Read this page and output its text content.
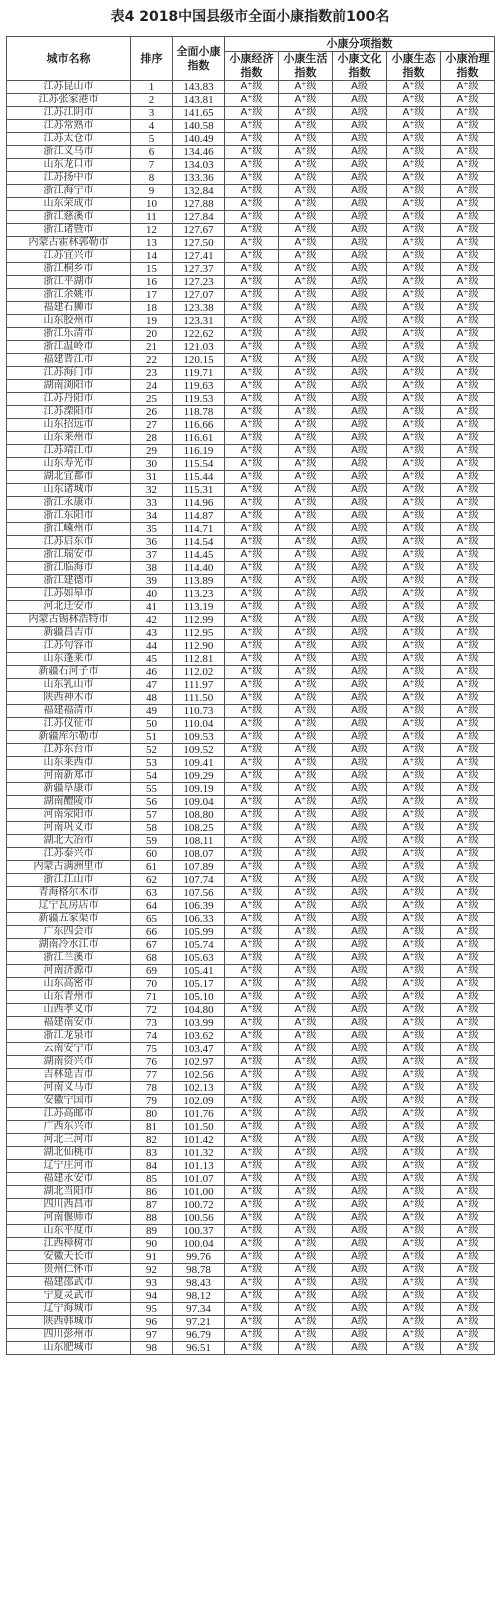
表4 2018中国县级市全面小康指数前100名
城市名称	排序	全面小康指数	小康分项指数				
			小康经济指数	小康生活指数	小康文化指数	小康生态指数	小康治理指数
江苏昆山市	1	143.83	A⁺级	A⁺级	A级	A⁺级	A⁺级
江苏张家港市	2	143.81	A⁺级	A⁺级	A级	A⁺级	A⁺级
江苏江阴市	3	141.65	A⁺级	A⁺级	A级	A⁺级	A⁺级
江苏常熟市	4	140.58	A⁺级	A⁺级	A级	A⁺级	A⁺级
江苏太仓市	5	140.49	A⁺级	A⁺级	A级	A⁺级	A⁺级
浙江义乌市	6	134.46	A⁺级	A⁺级	A级	A⁺级	A⁺级
山东龙口市	7	134.03	A⁺级	A⁺级	A级	A⁺级	A⁺级
江苏扬中市	8	133.36	A⁺级	A⁺级	A级	A⁺级	A⁺级
浙江海宁市	9	132.84	A⁺级	A⁺级	A级	A⁺级	A⁺级
山东荣成市	10	127.88	A⁺级	A⁺级	A级	A⁺级	A⁺级
浙江慈溪市	11	127.84	A⁺级	A⁺级	A级	A⁺级	A⁺级
浙江诸暨市	12	127.67	A⁺级	A⁺级	A级	A⁺级	A⁺级
内蒙古霍林郭勒市	13	127.50	A⁺级	A⁺级	A级	A⁺级	A⁺级
江苏宜兴市	14	127.41	A⁺级	A⁺级	A级	A⁺级	A⁺级
浙江桐乡市	15	127.37	A⁺级	A⁺级	A级	A⁺级	A⁺级
浙江平湖市	16	127.23	A⁺级	A⁺级	A级	A⁺级	A⁺级
浙江余姚市	17	127.07	A⁺级	A⁺级	A级	A⁺级	A⁺级
福建石狮市	18	123.38	A⁺级	A⁺级	A级	A⁺级	A⁺级
山东胶州市	19	123.31	A⁺级	A⁺级	A级	A⁺级	A⁺级
浙江乐清市	20	122.62	A⁺级	A⁺级	A级	A⁺级	A⁺级
浙江温岭市	21	121.03	A⁺级	A⁺级	A级	A⁺级	A⁺级
福建晋江市	22	120.15	A⁺级	A⁺级	A级	A⁺级	A⁺级
江苏海门市	23	119.71	A⁺级	A⁺级	A级	A⁺级	A⁺级
湖南浏阳市	24	119.63	A⁺级	A⁺级	A级	A⁺级	A⁺级
江苏丹阳市	25	119.53	A⁺级	A⁺级	A级	A⁺级	A⁺级
江苏溧阳市	26	118.78	A⁺级	A⁺级	A级	A⁺级	A⁺级
山东招远市	27	116.66	A⁺级	A⁺级	A级	A⁺级	A⁺级
山东莱州市	28	116.61	A⁺级	A⁺级	A级	A⁺级	A⁺级
江苏靖江市	29	116.19	A⁺级	A⁺级	A级	A⁺级	A⁺级
山东寿光市	30	115.54	A⁺级	A⁺级	A级	A⁺级	A⁺级
湖北宜都市	31	115.44	A⁺级	A⁺级	A级	A⁺级	A⁺级
山东诸城市	32	115.31	A⁺级	A⁺级	A级	A⁺级	A⁺级
浙江永康市	33	114.96	A⁺级	A⁺级	A级	A⁺级	A⁺级
浙江东阳市	34	114.87	A⁺级	A⁺级	A级	A⁺级	A⁺级
浙江嵊州市	35	114.71	A⁺级	A⁺级	A级	A⁺级	A⁺级
江苏启东市	36	114.54	A⁺级	A⁺级	A级	A⁺级	A⁺级
浙江瑞安市	37	114.45	A⁺级	A⁺级	A级	A⁺级	A⁺级
浙江临海市	38	114.40	A⁺级	A⁺级	A级	A⁺级	A⁺级
浙江建德市	39	113.89	A⁺级	A⁺级	A级	A⁺级	A⁺级
江苏如皋市	40	113.23	A⁺级	A⁺级	A级	A⁺级	A⁺级
河北迁安市	41	113.19	A⁺级	A⁺级	A级	A⁺级	A⁺级
内蒙古锡林浩特市	42	112.99	A⁺级	A⁺级	A级	A⁺级	A⁺级
新疆昌吉市	43	112.95	A⁺级	A⁺级	A级	A⁺级	A⁺级
江苏句容市	44	112.90	A⁺级	A⁺级	A级	A⁺级	A⁺级
山东蓬莱市	45	112.81	A⁺级	A⁺级	A级	A⁺级	A⁺级
新疆石河子市	46	112.02	A⁺级	A⁺级	A级	A⁺级	A⁺级
山东乳山市	47	111.97	A⁺级	A⁺级	A级	A⁺级	A⁺级
陕西神木市	48	111.50	A⁺级	A⁺级	A级	A⁺级	A⁺级
福建福清市	49	110.73	A⁺级	A⁺级	A级	A⁺级	A⁺级
江苏仪征市	50	110.04	A⁺级	A⁺级	A级	A⁺级	A⁺级
新疆库尔勒市	51	109.53	A⁺级	A⁺级	A级	A⁺级	A⁺级
江苏东台市	52	109.52	A⁺级	A⁺级	A级	A⁺级	A⁺级
山东莱西市	53	109.41	A⁺级	A⁺级	A级	A⁺级	A⁺级
河南新郑市	54	109.29	A⁺级	A⁺级	A级	A⁺级	A⁺级
新疆阜康市	55	109.19	A⁺级	A⁺级	A级	A⁺级	A⁺级
湖南醴陵市	56	109.04	A⁺级	A⁺级	A级	A⁺级	A⁺级
河南荥阳市	57	108.80	A⁺级	A⁺级	A级	A⁺级	A⁺级
河南巩义市	58	108.25	A⁺级	A⁺级	A级	A⁺级	A⁺级
湖北大冶市	59	108.11	A⁺级	A⁺级	A级	A⁺级	A⁺级
江苏泰兴市	60	108.07	A⁺级	A⁺级	A级	A⁺级	A⁺级
内蒙古满洲里市	61	107.89	A⁺级	A⁺级	A级	A⁺级	A⁺级
浙江江山市	62	107.74	A⁺级	A⁺级	A级	A⁺级	A⁺级
青海格尔木市	63	107.56	A⁺级	A⁺级	A级	A⁺级	A⁺级
辽宁瓦房店市	64	106.39	A⁺级	A⁺级	A级	A⁺级	A⁺级
新疆五家渠市	65	106.33	A⁺级	A⁺级	A级	A⁺级	A⁺级
广东四会市	66	105.99	A⁺级	A⁺级	A级	A⁺级	A⁺级
湖南冷水江市	67	105.74	A⁺级	A⁺级	A级	A⁺级	A⁺级
浙江兰溪市	68	105.63	A⁺级	A⁺级	A级	A⁺级	A⁺级
河南济源市	69	105.41	A⁺级	A⁺级	A级	A⁺级	A⁺级
山东高密市	70	105.17	A⁺级	A⁺级	A级	A⁺级	A⁺级
山东青州市	71	105.10	A⁺级	A⁺级	A级	A⁺级	A⁺级
山西孝义市	72	104.80	A⁺级	A⁺级	A级	A⁺级	A⁺级
福建南安市	73	103.99	A⁺级	A⁺级	A级	A⁺级	A⁺级
浙江龙泉市	74	103.62	A⁺级	A⁺级	A级	A⁺级	A⁺级
云南安宁市	75	103.47	A⁺级	A⁺级	A级	A⁺级	A⁺级
湖南资兴市	76	102.97	A⁺级	A⁺级	A级	A⁺级	A⁺级
吉林延吉市	77	102.56	A⁺级	A⁺级	A级	A⁺级	A⁺级
河南义马市	78	102.13	A⁺级	A⁺级	A级	A⁺级	A⁺级
安徽宁国市	79	102.09	A⁺级	A⁺级	A级	A⁺级	A⁺级
江苏高邮市	80	101.76	A⁺级	A⁺级	A级	A⁺级	A⁺级
广西东兴市	81	101.50	A⁺级	A⁺级	A级	A⁺级	A⁺级
河北三河市	82	101.42	A⁺级	A⁺级	A级	A⁺级	A⁺级
湖北仙桃市	83	101.32	A⁺级	A⁺级	A级	A⁺级	A⁺级
辽宁庄河市	84	101.13	A⁺级	A⁺级	A级	A⁺级	A⁺级
福建永安市	85	101.07	A⁺级	A⁺级	A级	A⁺级	A⁺级
湖北当阳市	86	101.00	A⁺级	A⁺级	A级	A⁺级	A⁺级
四川西昌市	87	100.72	A⁺级	A⁺级	A级	A⁺级	A⁺级
河南偃师市	88	100.56	A⁺级	A⁺级	A级	A⁺级	A⁺级
山东平度市	89	100.37	A⁺级	A⁺级	A级	A⁺级	A⁺级
江西樟树市	90	100.04	A⁺级	A⁺级	A级	A⁺级	A⁺级
安徽天长市	91	99.76	A⁺级	A⁺级	A级	A⁺级	A⁺级
贵州仁怀市	92	98.78	A⁺级	A⁺级	A级	A⁺级	A⁺级
福建邵武市	93	98.43	A⁺级	A⁺级	A级	A⁺级	A⁺级
宁夏灵武市	94	98.12	A⁺级	A⁺级	A级	A⁺级	A⁺级
辽宁海城市	95	97.34	A⁺级	A⁺级	A级	A⁺级	A⁺级
陕西韩城市	96	97.21	A⁺级	A⁺级	A级	A⁺级	A⁺级
四川彭州市	97	96.79	A⁺级	A⁺级	A级	A⁺级	A⁺级
山东肥城市	98	96.51	A⁺级	A⁺级	A级	A⁺级	A⁺级
